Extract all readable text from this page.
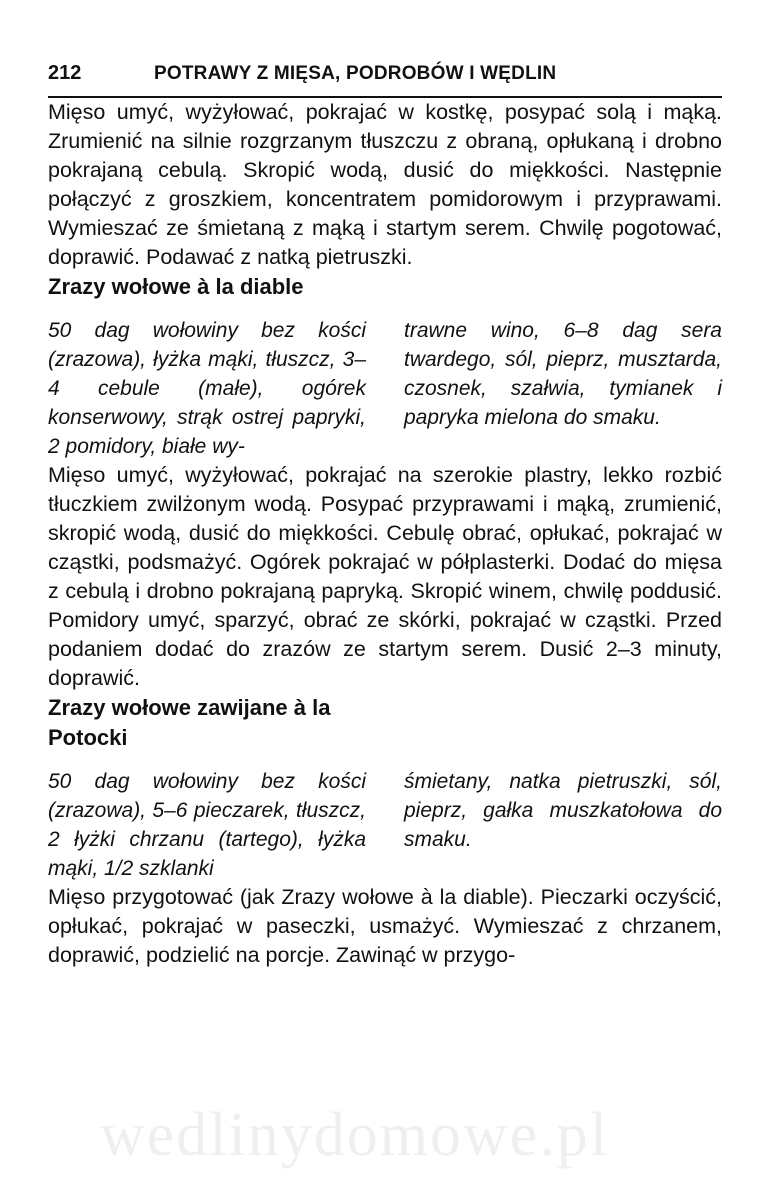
212	POTRAWY Z MIĘSA, PODROBÓW I WĘDLIN

Mięso umyć, wyżyłować, pokrajać w kostkę, posypać solą i mąką. Zrumienić na silnie rozgrzanym tłuszczu z obraną, opłukaną i drobno pokrajaną cebulą. Skropić wodą, dusić do miękkości. Następnie połączyć z groszkiem, koncentratem pomidorowym i przyprawami. Wymieszać ze śmietaną z mąką i startym serem. Chwilę pogotować, doprawić. Podawać z natką pietruszki.

Zrazy wołowe à la diable
50 dag wołowiny bez kości (zrazowa), łyżka mąki, tłuszcz, 3–4 cebule (małe), ogórek konserwowy, strąk ostrej papryki, 2 pomidory, białe wy-
trawne wino, 6–8 dag sera twardego, sól, pieprz, musztarda, czosnek, szałwia, tymianek i papryka mielona do smaku.

Mięso umyć, wyżyłować, pokrajać na szerokie plastry, lekko rozbić tłuczkiem zwilżonym wodą. Posypać przyprawami i mąką, zrumienić, skropić wodą, dusić do miękkości. Cebulę obrać, opłukać, pokrajać w cząstki, podsmażyć. Ogórek pokrajać w półplasterki. Dodać do mięsa z cebulą i drobno pokrajaną papryką. Skropić winem, chwilę poddusić. Pomidory umyć, sparzyć, obrać ze skórki, pokrajać w cząstki. Przed podaniem dodać do zrazów ze startym serem. Dusić 2–3 minuty, doprawić.

Zrazy wołowe zawijane à la Potocki
50 dag wołowiny bez kości (zrazowa), 5–6 pieczarek, tłuszcz, 2 łyżki chrzanu (tartego), łyżka mąki, 1/2 szklanki
śmietany, natka pietruszki, sól, pieprz, gałka muszkatołowa do smaku.

Mięso przygotować (jak Zrazy wołowe à la diable). Pieczarki oczyścić, opłukać, pokrajać w paseczki, usmażyć. Wymieszać z chrzanem, doprawić, podzielić na porcje. Zawinąć w przygo-

wedlinydomowe.pl
